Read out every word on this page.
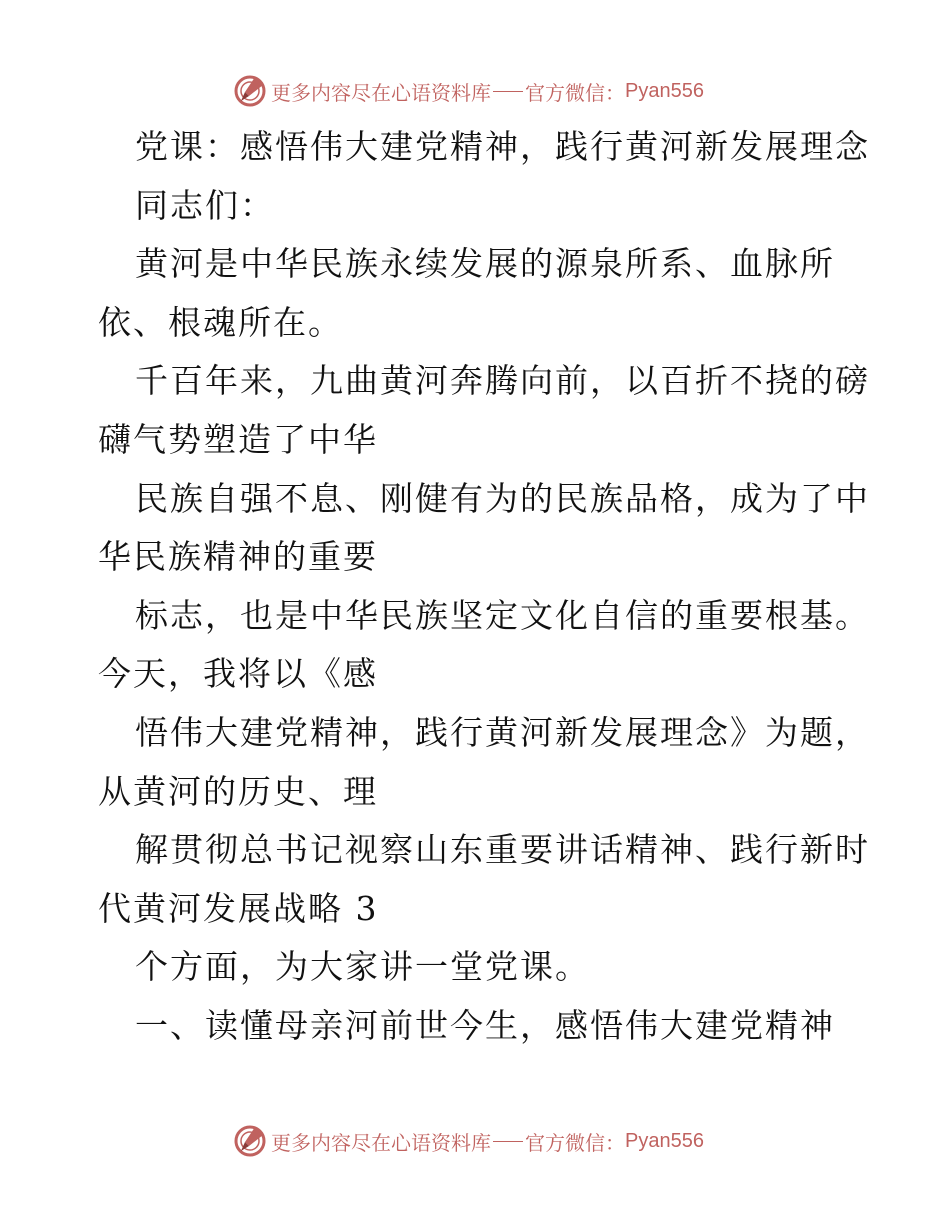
更多内容尽在心语资料库 官方微信： Pyan556
党课：感悟伟大建党精神，践行黄河新发展理念
同志们：
黄河是中华民族永续发展的源泉所系、血脉所
依、根魂所在。
千百年来，九曲黄河奔腾向前，以百折不挠的磅
礴气势塑造了中华
民族自强不息、刚健有为的民族品格，成为了中
华民族精神的重要
标志，也是中华民族坚定文化自信的重要根基。
今天，我将以《感
悟伟大建党精神，践行黄河新发展理念》为题，
从黄河的历史、理
解贯彻总书记视察山东重要讲话精神、践行新时
代黄河发展战略 3
个方面，为大家讲一堂党课。
一、读懂母亲河前世今生，感悟伟大建党精神
更多内容尽在心语资料库 官方微信： Pyan556
